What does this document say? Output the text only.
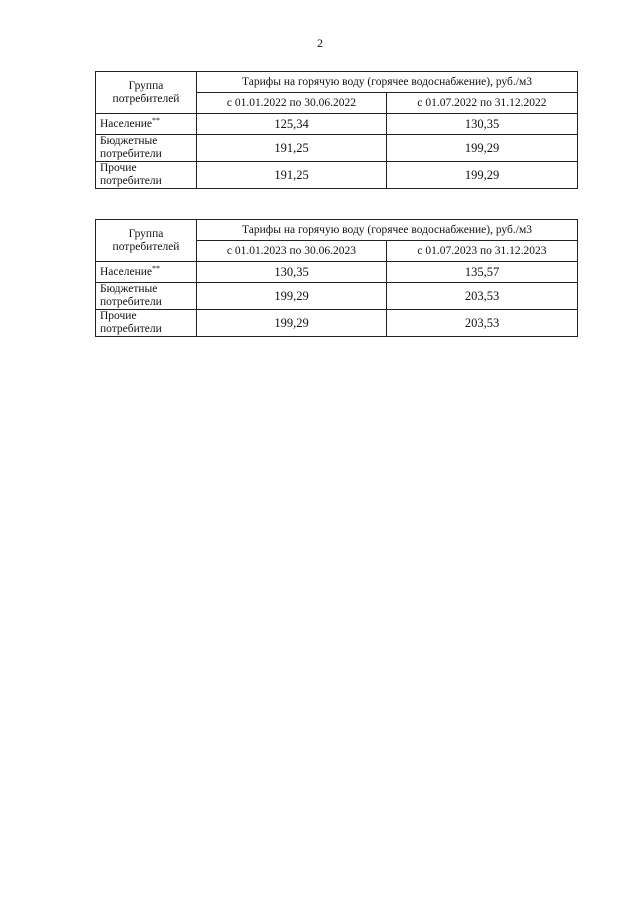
2
Группа
потребителей	Тарифы на горячую воду (горячее водоснабжение), руб./м3	
	с 01.01.2022 по 30.06.2022	с 01.07.2022 по 31.12.2022
Население**	125,34	130,35

Бюджетные
потребители	191,25	199,29

Прочие
потребители	191,25	199,29
Группа
потребителей	Тарифы на горячую воду (горячее водоснабжение), руб./м3	
	с 01.01.2023 по 30.06.2023	с 01.07.2023 по 31.12.2023
Население**	130,35	135,57

Бюджетные
потребители	199,29	203,53

Прочие
потребители	199,29	203,53
